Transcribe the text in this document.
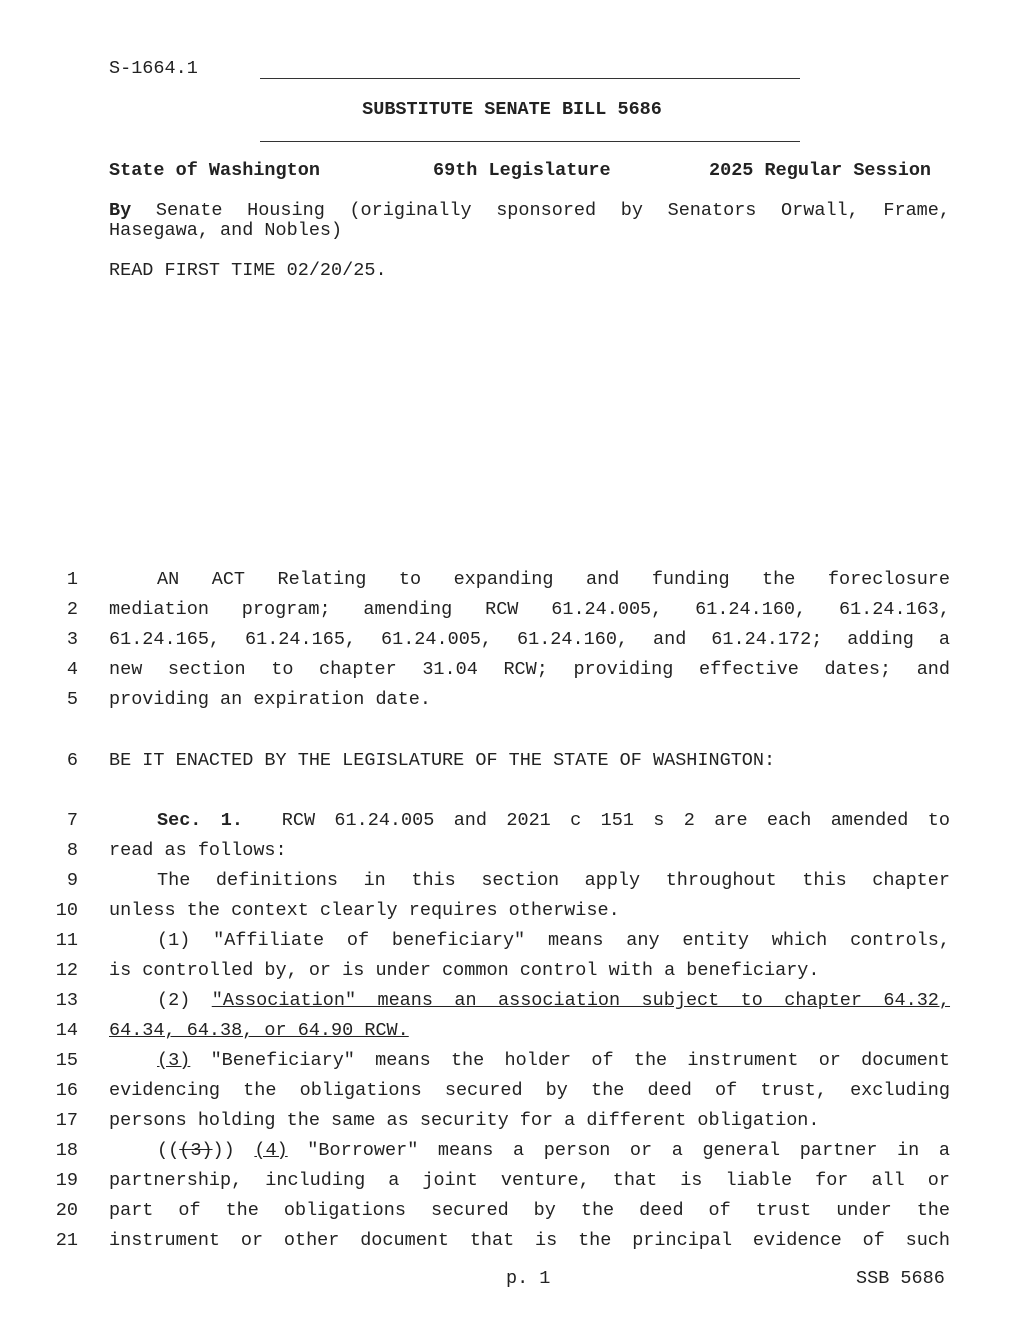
S-1664.1
SUBSTITUTE SENATE BILL 5686
State of Washington	69th Legislature	2025 Regular Session
By Senate Housing (originally sponsored by Senators Orwall, Frame,
Hasegawa, and Nobles)
READ FIRST TIME 02/20/25.
1	AN ACT Relating to expanding and funding the foreclosure
2 mediation program; amending RCW 61.24.005, 61.24.160, 61.24.163,
3 61.24.165, 61.24.165, 61.24.005, 61.24.160, and 61.24.172; adding a
4 new section to chapter 31.04 RCW; providing effective dates; and
5 providing an expiration date.
6 BE IT ENACTED BY THE LEGISLATURE OF THE STATE OF WASHINGTON:
7	Sec. 1. RCW 61.24.005 and 2021 c 151 s 2 are each amended to
8 read as follows:
9	The definitions in this section apply throughout this chapter
10 unless the context clearly requires otherwise.
11	(1) "Affiliate of beneficiary" means any entity which controls,
12 is controlled by, or is under common control with a beneficiary.
13	(2) "Association" means an association subject to chapter 64.32,
14 64.34, 64.38, or 64.90 RCW.
15	(3) "Beneficiary" means the holder of the instrument or document
16 evidencing the obligations secured by the deed of trust, excluding
17 persons holding the same as security for a different obligation.
18	(((3))) (4) "Borrower" means a person or a general partner in a
19 partnership, including a joint venture, that is liable for all or
20 part of the obligations secured by the deed of trust under the
21 instrument or other document that is the principal evidence of such
p. 1	SSB 5686
